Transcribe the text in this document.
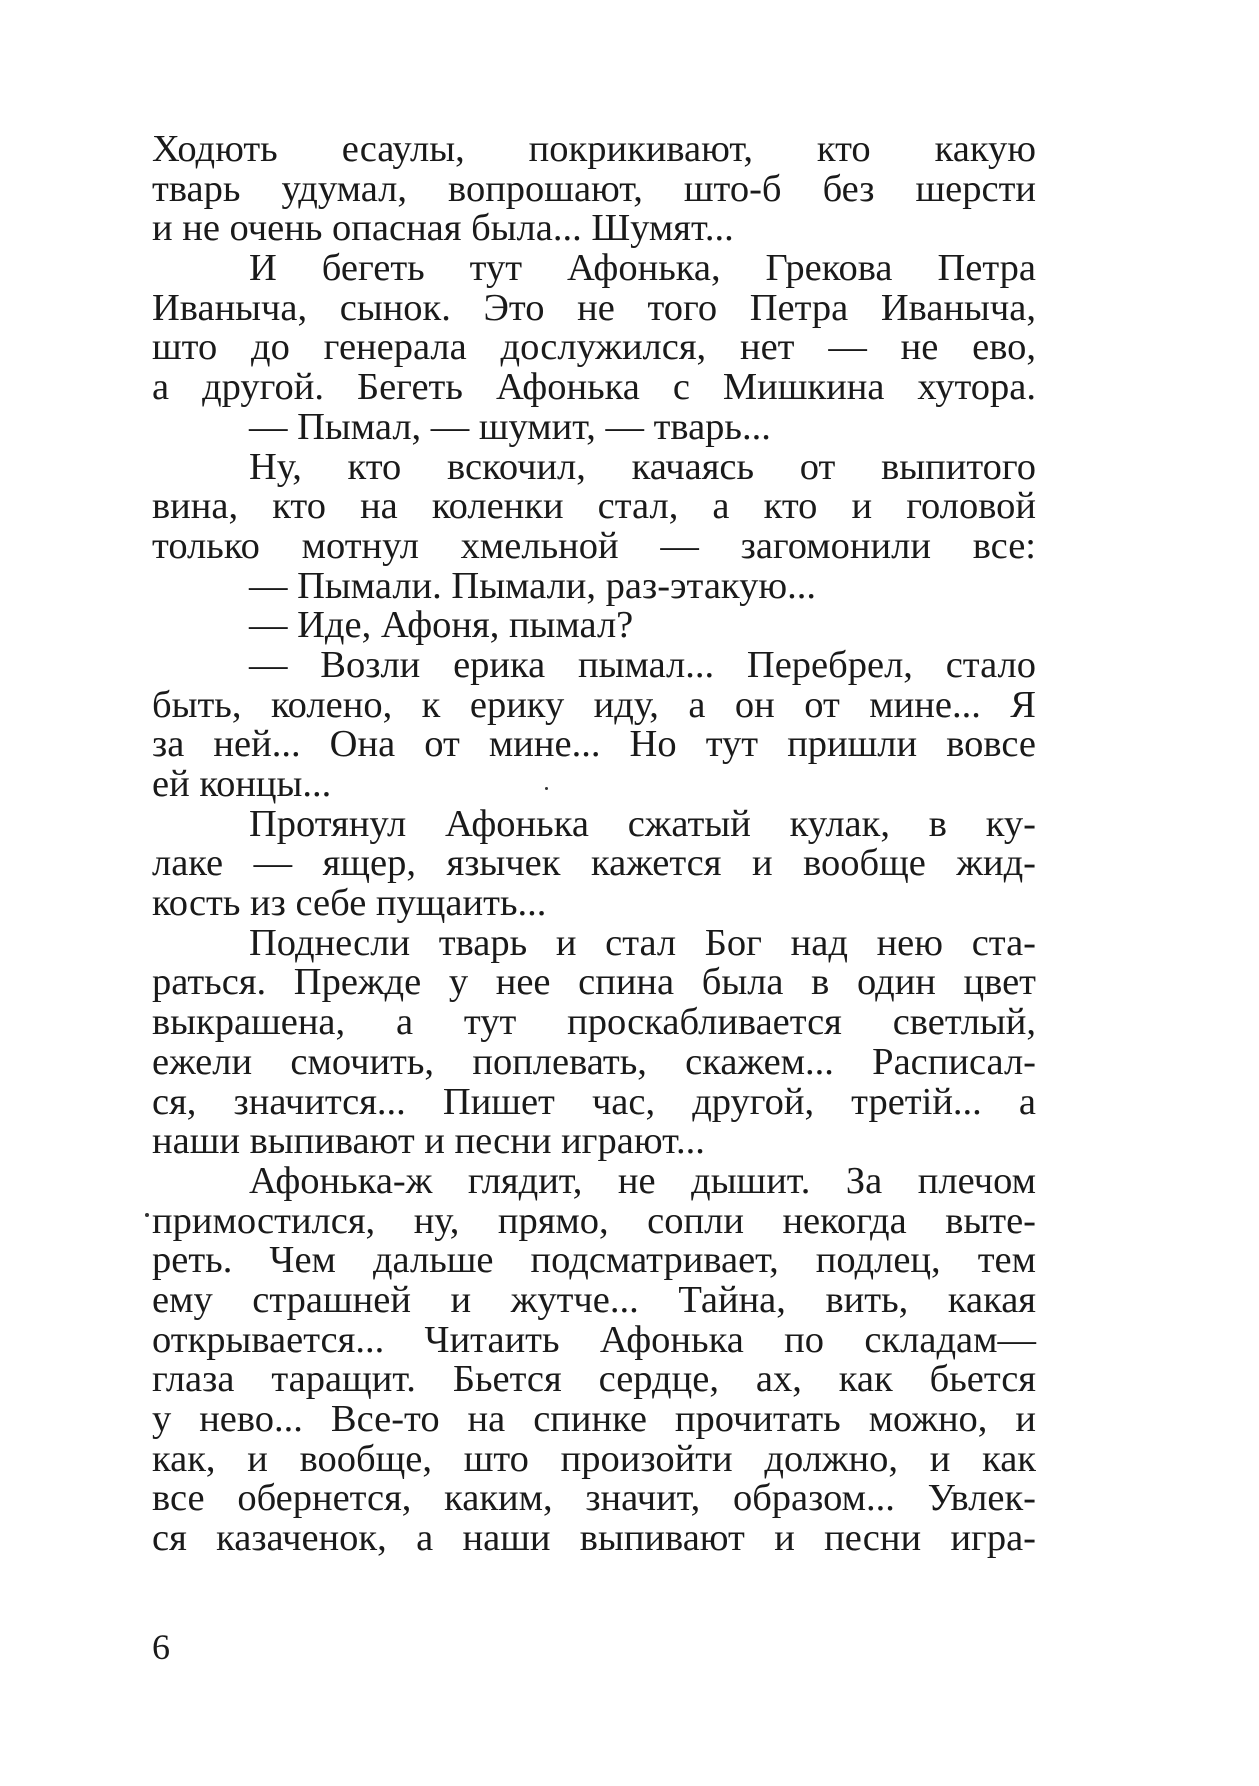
Ходють есаулы, покрикивают, кто какую
тварь удумал, вопрошают, што-б без шерсти
и не очень опасная была... Шумят...
И бегеть тут Афонька, Грекова Петра
Иваныча, сынок. Это не того Петра Иваныча,
што до генерала дослужился, нет — не ево,
а другой. Бегеть Афонька с Мишкина хутора.
— Пымал, — шумит, — тварь...
Ну, кто вскочил, качаясь от выпитого
вина, кто на коленки стал, а кто и головой
только мотнул хмельной — загомонили все:
— Пымали. Пымали, раз-этакую...
— Иде, Афоня, пымал?
— Возли ерика пымал... Перебрел, стало
быть, колено, к ерику иду, а он от мине... Я
за ней... Она от мине... Но тут пришли вовсе
ей концы...
Протянул Афонька сжатый кулак, в ку-
лаке — ящер, язычек кажется и вообще жид-
кость из себе пущаить...
Поднесли тварь и стал Бог над нею ста-
раться. Прежде у нее спина была в один цвет
выкрашена, а тут проскабливается светлый,
ежели смочить, поплевать, скажем... Расписал-
ся, значится... Пишет час, другой, третій... а
наши выпивают и песни играют...
Афонька-ж глядит, не дышит. За плечом
примостился, ну, прямо, сопли некогда выте-
реть. Чем дальше подсматривает, подлец, тем
ему страшней и жутче... Тайна, вить, какая
открывается... Читаить Афонька по складам—
глаза таращит. Бьется сердце, ах, как бьется
у нево... Все-то на спинке прочитать можно, и
как, и вообще, што произойти должно, и как
все обернется, каким, значит, образом... Увлек-
ся казаченок, а наши выпивают и песни игра-
6
